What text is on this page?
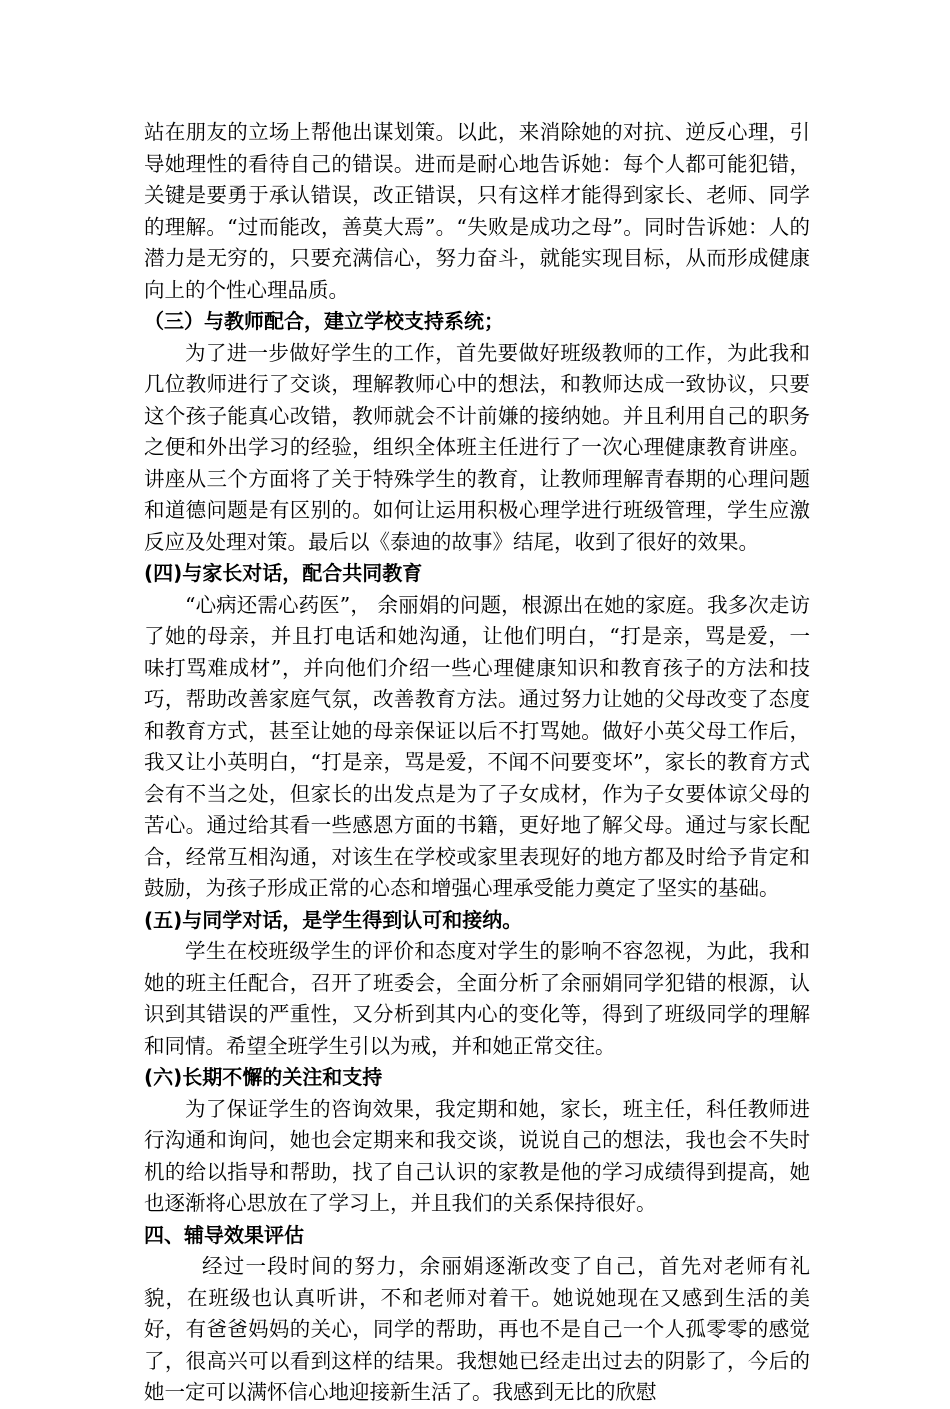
站在朋友的立场上帮他出谋划策。以此，来消除她的对抗、逆反心理，引导她理性的看待自己的错误。进而是耐心地告诉她：每个人都可能犯错，关键是要勇于承认错误，改正错误，只有这样才能得到家长、老师、同学的理解。“过而能改，善莫大焉”。“失败是成功之母”。同时告诉她：人的潜力是无穷的，只要充满信心，努力奋斗，就能实现目标，从而形成健康向上的个性心理品质。

（三）与教师配合，建立学校支持系统；

为了进一步做好学生的工作，首先要做好班级教师的工作，为此我和几位教师进行了交谈，理解教师心中的想法，和教师达成一致协议，只要这个孩子能真心改错，教师就会不计前嫌的接纳她。并且利用自己的职务之便和外出学习的经验，组织全体班主任进行了一次心理健康教育讲座。讲座从三个方面将了关于特殊学生的教育，让教师理解青春期的心理问题和道德问题是有区别的。如何让运用积极心理学进行班级管理，学生应激反应及处理对策。最后以《泰迪的故事》结尾，收到了很好的效果。

(四)与家长对话，配合共同教育

“心病还需心药医”， 余丽娟的问题，根源出在她的家庭。我多次走访了她的母亲，并且打电话和她沟通，让他们明白，“打是亲，骂是爱，一味打骂难成材”，并向他们介绍一些心理健康知识和教育孩子的方法和技巧，帮助改善家庭气氛，改善教育方法。通过努力让她的父母改变了态度和教育方式，甚至让她的母亲保证以后不打骂她。做好小英父母工作后，我又让小英明白，“打是亲，骂是爱，不闻不问要变坏”，家长的教育方式会有不当之处，但家长的出发点是为了子女成材，作为子女要体谅父母的苦心。通过给其看一些感恩方面的书籍，更好地了解父母。通过与家长配合，经常互相沟通，对该生在学校或家里表现好的地方都及时给予肯定和鼓励，为孩子形成正常的心态和增强心理承受能力奠定了坚实的基础。

(五)与同学对话，是学生得到认可和接纳。

学生在校班级学生的评价和态度对学生的影响不容忽视，为此，我和她的班主任配合，召开了班委会，全面分析了余丽娟同学犯错的根源，认识到其错误的严重性，又分析到其内心的变化等，得到了班级同学的理解和同情。希望全班学生引以为戒，并和她正常交往。

(六)长期不懈的关注和支持

为了保证学生的咨询效果，我定期和她，家长，班主任，科任教师进行沟通和询问，她也会定期来和我交谈，说说自己的想法，我也会不失时机的给以指导和帮助，找了自己认识的家教是他的学习成绩得到提高，她也逐渐将心思放在了学习上，并且我们的关系保持很好。

四、辅导效果评估

经过一段时间的努力，余丽娟逐渐改变了自己，首先对老师有礼貌，在班级也认真听讲，不和老师对着干。她说她现在又感到生活的美好，有爸爸妈妈的关心，同学的帮助，再也不是自己一个人孤零零的感觉了，很高兴可以看到这样的结果。我想她已经走出过去的阴影了，今后的她一定可以满怀信心地迎接新生活了。我感到无比的欣慰
